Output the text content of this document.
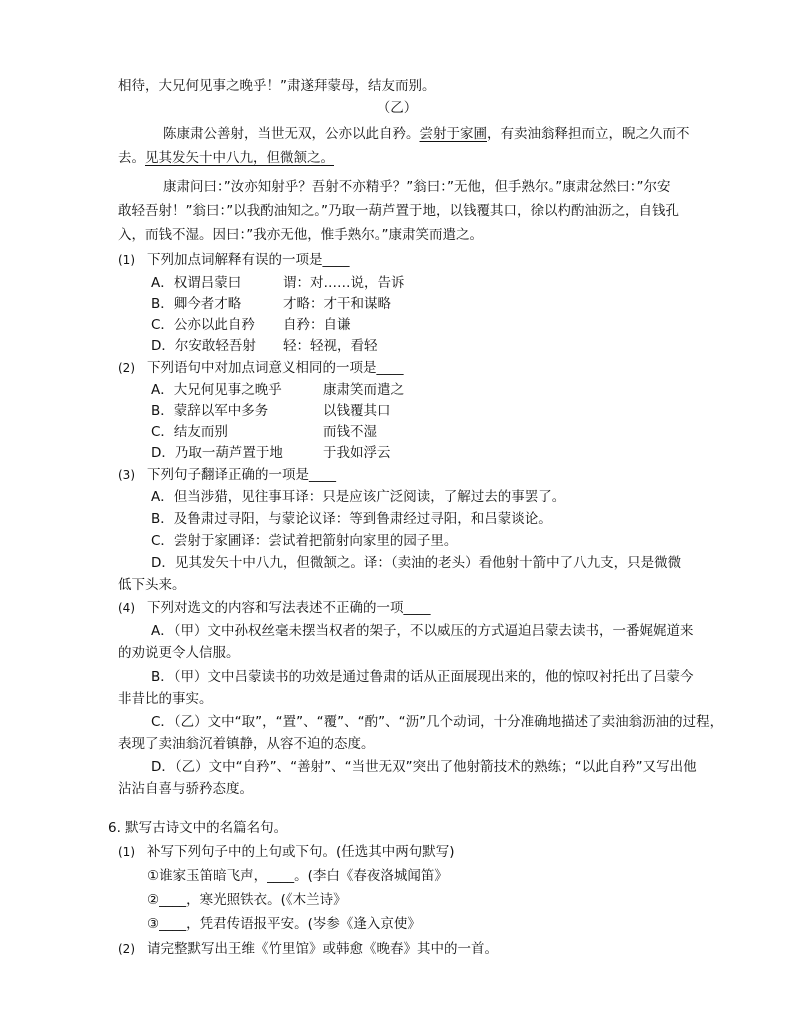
相待，大兄何见事之晚乎！”肃遂拜蒙母，结友而别。
（乙）
陈康肃公善射，当世无双，公亦以此自矜。尝射于家圃，有卖油翁释担而立，睨之久而不
去。见其发矢十中八九，但微颔之。
康肃问曰：”汝亦知射乎？吾射不亦精乎？”翁曰：”无他，但手熟尔。”康肃忿然曰：”尔安
敢轻吾射！”翁曰：”以我酌油知之。”乃取一葫芦置于地，以钱覆其口，徐以杓酌油沥之，自钱孔
入，而钱不湿。因曰：”我亦无他，惟手熟尔。”康肃笑而遣之。
(1) 下列加点词解释有误的一项是____
A．权谓吕蒙曰	谓：对……说，告诉
B．卿今者才略	才略：才干和谋略
C．公亦以此自矜 自矜：自谦
D．尔安敢轻吾射 轻：轻视，看轻
(2) 下列语句中对加点词意义相同的一项是____
A．大兄何见事之晚乎	康肃笑而遣之
B．蒙辞以军中多务	以钱覆其口
C．结友而别	而钱不湿
D．乃取一葫芦置于地	于我如浮云
(3) 下列句子翻译正确的一项是____
A．但当涉猎，见往事耳译：只是应该广泛阅读，了解过去的事罢了。
B．及鲁肃过寻阳，与蒙论议译：等到鲁肃经过寻阳，和吕蒙谈论。
C．尝射于家圃译：尝试着把箭射向家里的园子里。
D．见其发矢十中八九，但微颔之。译：（卖油的老头）看他射十箭中了八九支，只是微微
低下头来。
(4) 下列对选文的内容和写法表述不正确的一项____
A．（甲）文中孙权丝毫未摆当权者的架子，不以威压的方式逼迫吕蒙去读书，一番娓娓道来
的劝说更令人信服。
B．（甲）文中吕蒙读书的功效是通过鲁肃的话从正面展现出来的，他的惊叹衬托出了吕蒙今
非昔比的事实。
C．（乙）文中“取”，“置”、“覆”、“酌”、“沥”几个动词，十分准确地描述了卖油翁沥油的过程，
表现了卖油翁沉着镇静，从容不迫的态度。
D．（乙）文中“自矜”、“善射”、“当世无双”突出了他射箭技术的熟练；“以此自矜”又写出他
沾沾自喜与骄矜态度。
6. 默写古诗文中的名篇名句。
(1) 补写下列句子中的上句或下句。(任选其中两句默写)
①谁家玉笛暗飞声，____。(李白《春夜洛城闻笛》
②____，寒光照铁衣。(《木兰诗》
③____，凭君传语报平安。(岑参《逢入京使》
(2) 请完整默写出王维《竹里馆》或韩愈《晚春》其中的一首。
